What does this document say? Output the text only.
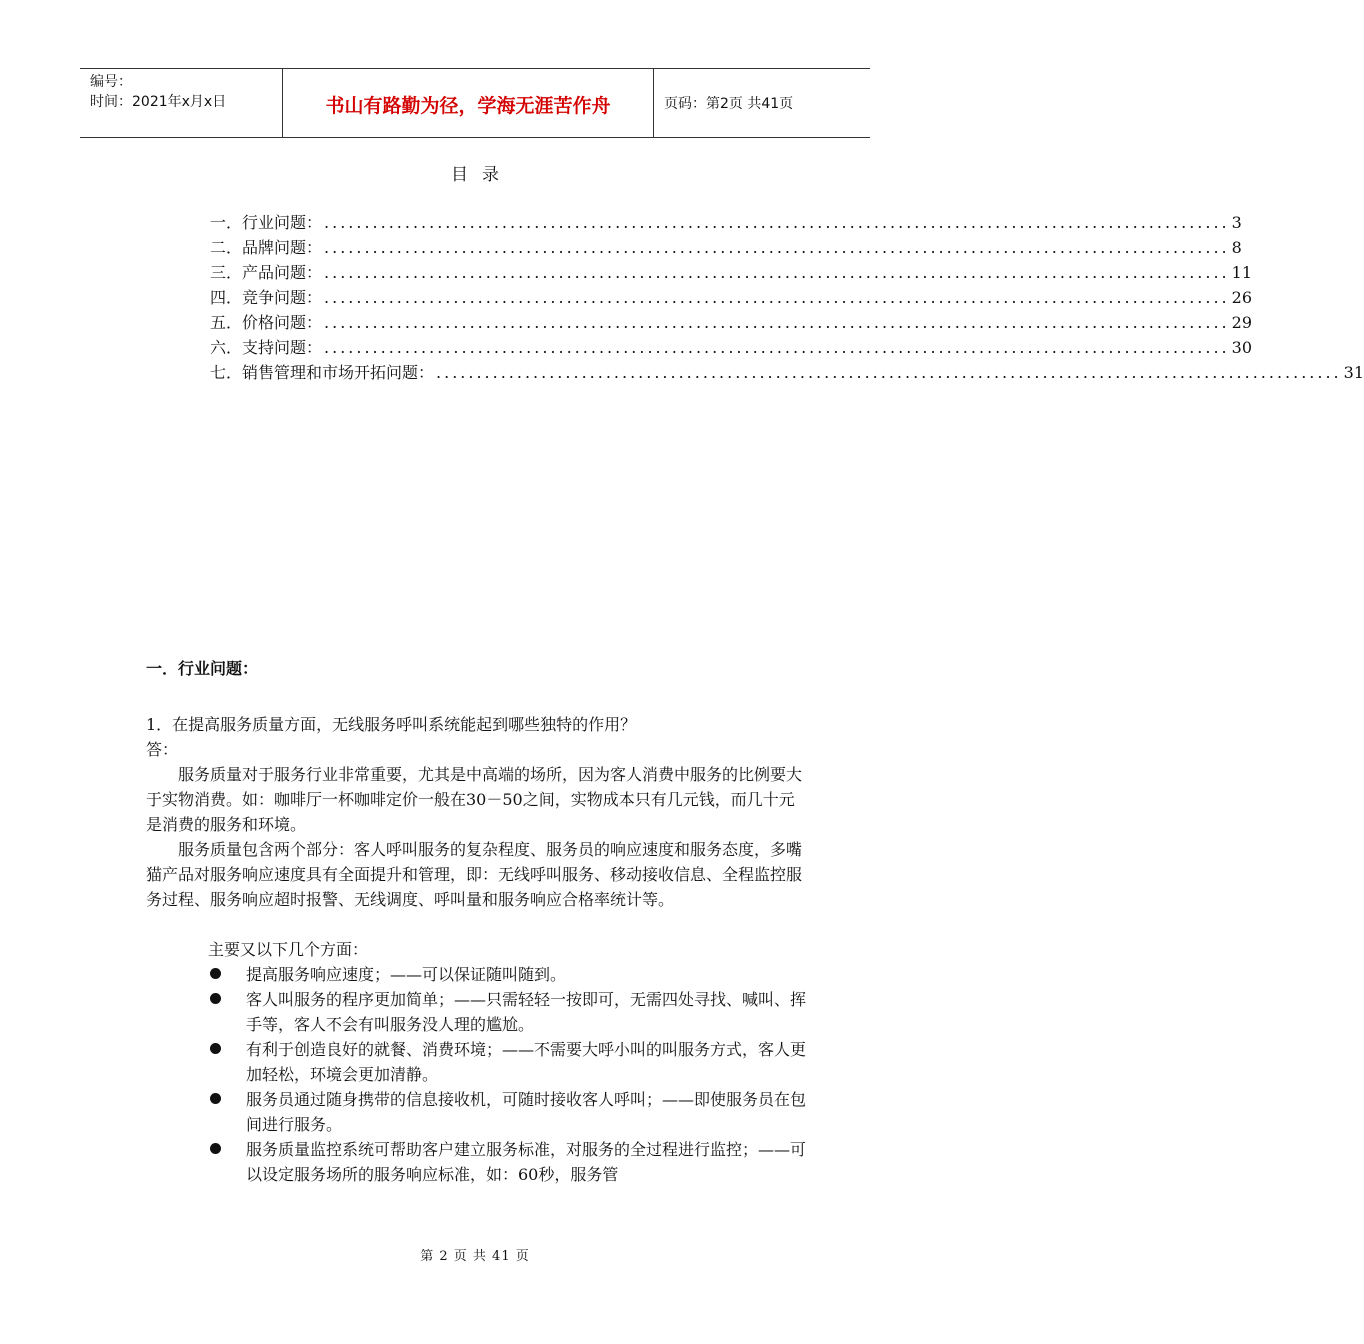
编号：
时间：2021年x月x日	书山有路勤为径，学海无涯苦作舟	页码：第2页 共41页
目录
一．行业问题： ................................................................................................................ 3
二．品牌问题： ................................................................................................................ 8
三．产品问题： ................................................................................................................ 11
四．竞争问题： ................................................................................................................ 26
五．价格问题： ................................................................................................................ 29
六．支持问题： ................................................................................................................ 30
七．销售管理和市场开拓问题： ................................................................................................................ 31
一．行业问题：

1．在提高服务质量方面，无线服务呼叫系统能起到哪些独特的作用？

答：

服务质量对于服务行业非常重要，尤其是中高端的场所，因为客人消费中服务的比例要大于实物消费。如：咖啡厅一杯咖啡定价一般在30－50之间，实物成本只有几元钱，而几十元是消费的服务和环境。

服务质量包含两个部分：客人呼叫服务的复杂程度、服务员的响应速度和服务态度，多嘴猫产品对服务响应速度具有全面提升和管理，即：无线呼叫服务、移动接收信息、全程监控服务过程、服务响应超时报警、无线调度、呼叫量和服务响应合格率统计等。

主要又以下几个方面：

提高服务响应速度；——可以保证随叫随到。
客人叫服务的程序更加简单；——只需轻轻一按即可，无需四处寻找、喊叫、挥手等，客人不会有叫服务没人理的尴尬。
有利于创造良好的就餐、消费环境；——不需要大呼小叫的叫服务方式，客人更加轻松，环境会更加清静。
服务员通过随身携带的信息接收机，可随时接收客人呼叫；——即使服务员在包间进行服务。
服务质量监控系统可帮助客户建立服务标准，对服务的全过程进行监控；——可以设定服务场所的服务响应标准，如：60秒，服务管
第 2 页 共 41 页
